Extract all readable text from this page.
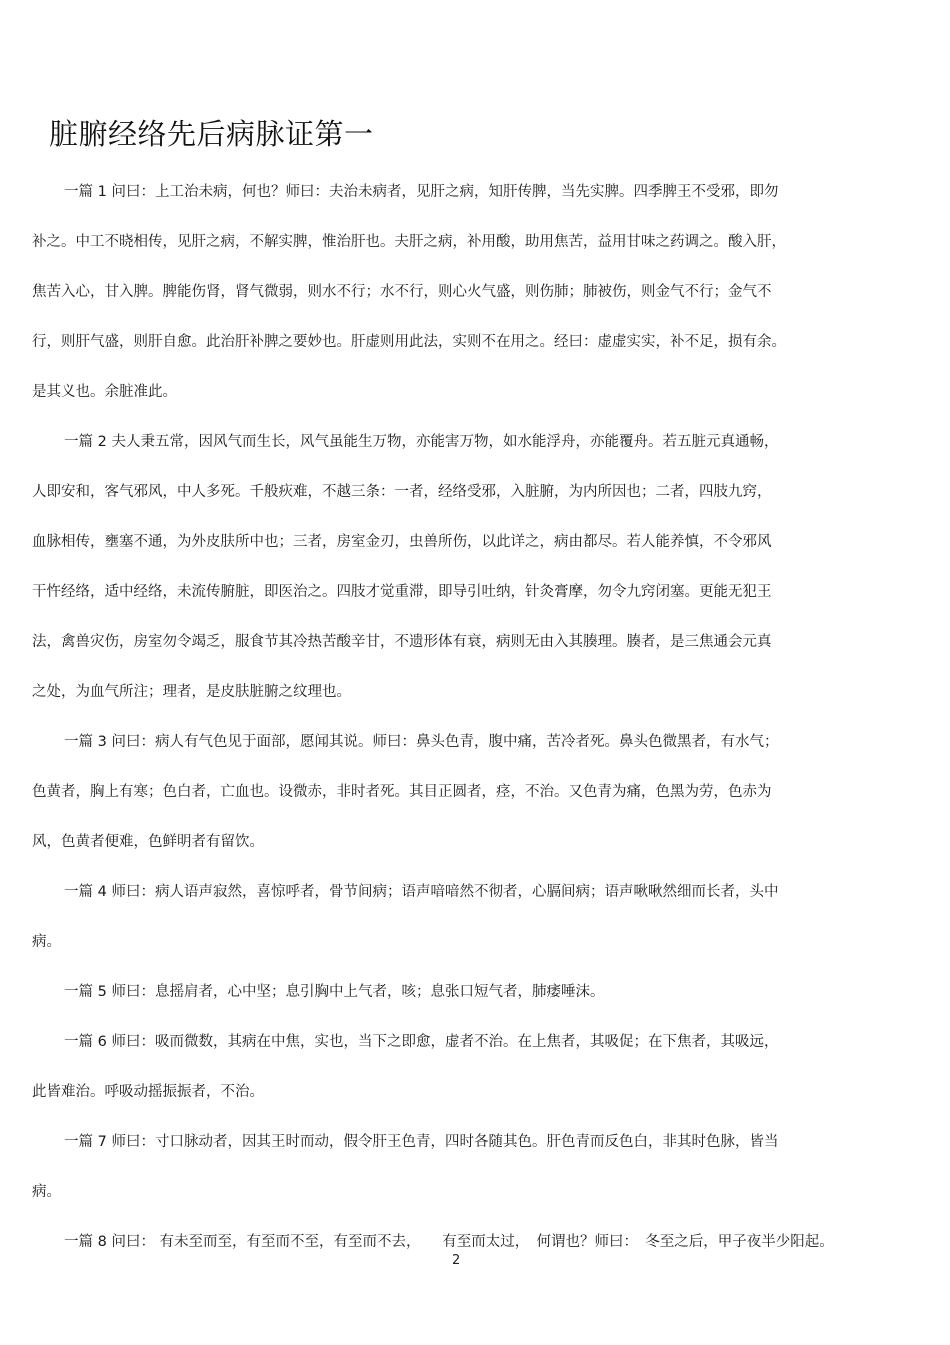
脏腑经络先后病脉证第一
一篇 1 问曰：上工治未病，何也？师曰：夫治未病者，见肝之病，知肝传脾，当先实脾。四季脾王不受邪，即勿
补之。中工不晓相传，见肝之病，不解实脾，惟治肝也。夫肝之病，补用酸，助用焦苦，益用甘味之药调之。酸入肝，
焦苦入心，甘入脾。脾能伤肾，肾气微弱，则水不行；水不行，则心火气盛，则伤肺；肺被伤，则金气不行；金气不
行，则肝气盛，则肝自愈。此治肝补脾之要妙也。肝虚则用此法，实则不在用之。经曰：虚虚实实，补不足，损有余。
是其义也。余脏准此。
一篇 2 夫人秉五常，因风气而生长，风气虽能生万物，亦能害万物，如水能浮舟，亦能覆舟。若五脏元真通畅，
人即安和，客气邪风，中人多死。千般疢难，不越三条：一者，经络受邪，入脏腑，为内所因也；二者，四肢九窍，
血脉相传，壅塞不通，为外皮肤所中也；三者，房室金刃，虫兽所伤，以此详之，病由都尽。若人能养慎，不令邪风
干忤经络，适中经络，未流传腑脏，即医治之。四肢才觉重滞，即导引吐纳，针灸膏摩，勿令九窍闭塞。更能无犯王
法，禽兽灾伤，房室勿令竭乏，服食节其冷热苦酸辛甘，不遗形体有衰，病则无由入其腠理。腠者，是三焦通会元真
之处，为血气所注；理者，是皮肤脏腑之纹理也。
一篇 3 问曰：病人有气色见于面部，愿闻其说。师曰：鼻头色青，腹中痛，苦冷者死。鼻头色微黑者，有水气；
色黄者，胸上有寒；色白者，亡血也。设微赤，非时者死。其目正圆者，痉，不治。又色青为痛，色黑为劳，色赤为
风，色黄者便难，色鲜明者有留饮。
一篇 4 师曰：病人语声寂然，喜惊呼者，骨节间病；语声喑喑然不彻者，心膈间病；语声啾啾然细而长者，头中
病。
一篇 5 师曰：息摇肩者，心中坚；息引胸中上气者，咳；息张口短气者，肺痿唾沫。
一篇 6 师曰：吸而微数，其病在中焦，实也，当下之即愈，虚者不治。在上焦者，其吸促；在下焦者，其吸远，
此皆难治。呼吸动摇振振者，不治。
一篇 7 师曰：寸口脉动者，因其王时而动，假令肝王色青，四时各随其色。肝色青而反色白，非其时色脉，皆当
病。
一篇 8 问曰： 有未至而至，有至而不至，有至而不去，　　有至而太过，　何谓也？师曰：　冬至之后，甲子夜半少阳起。
2
